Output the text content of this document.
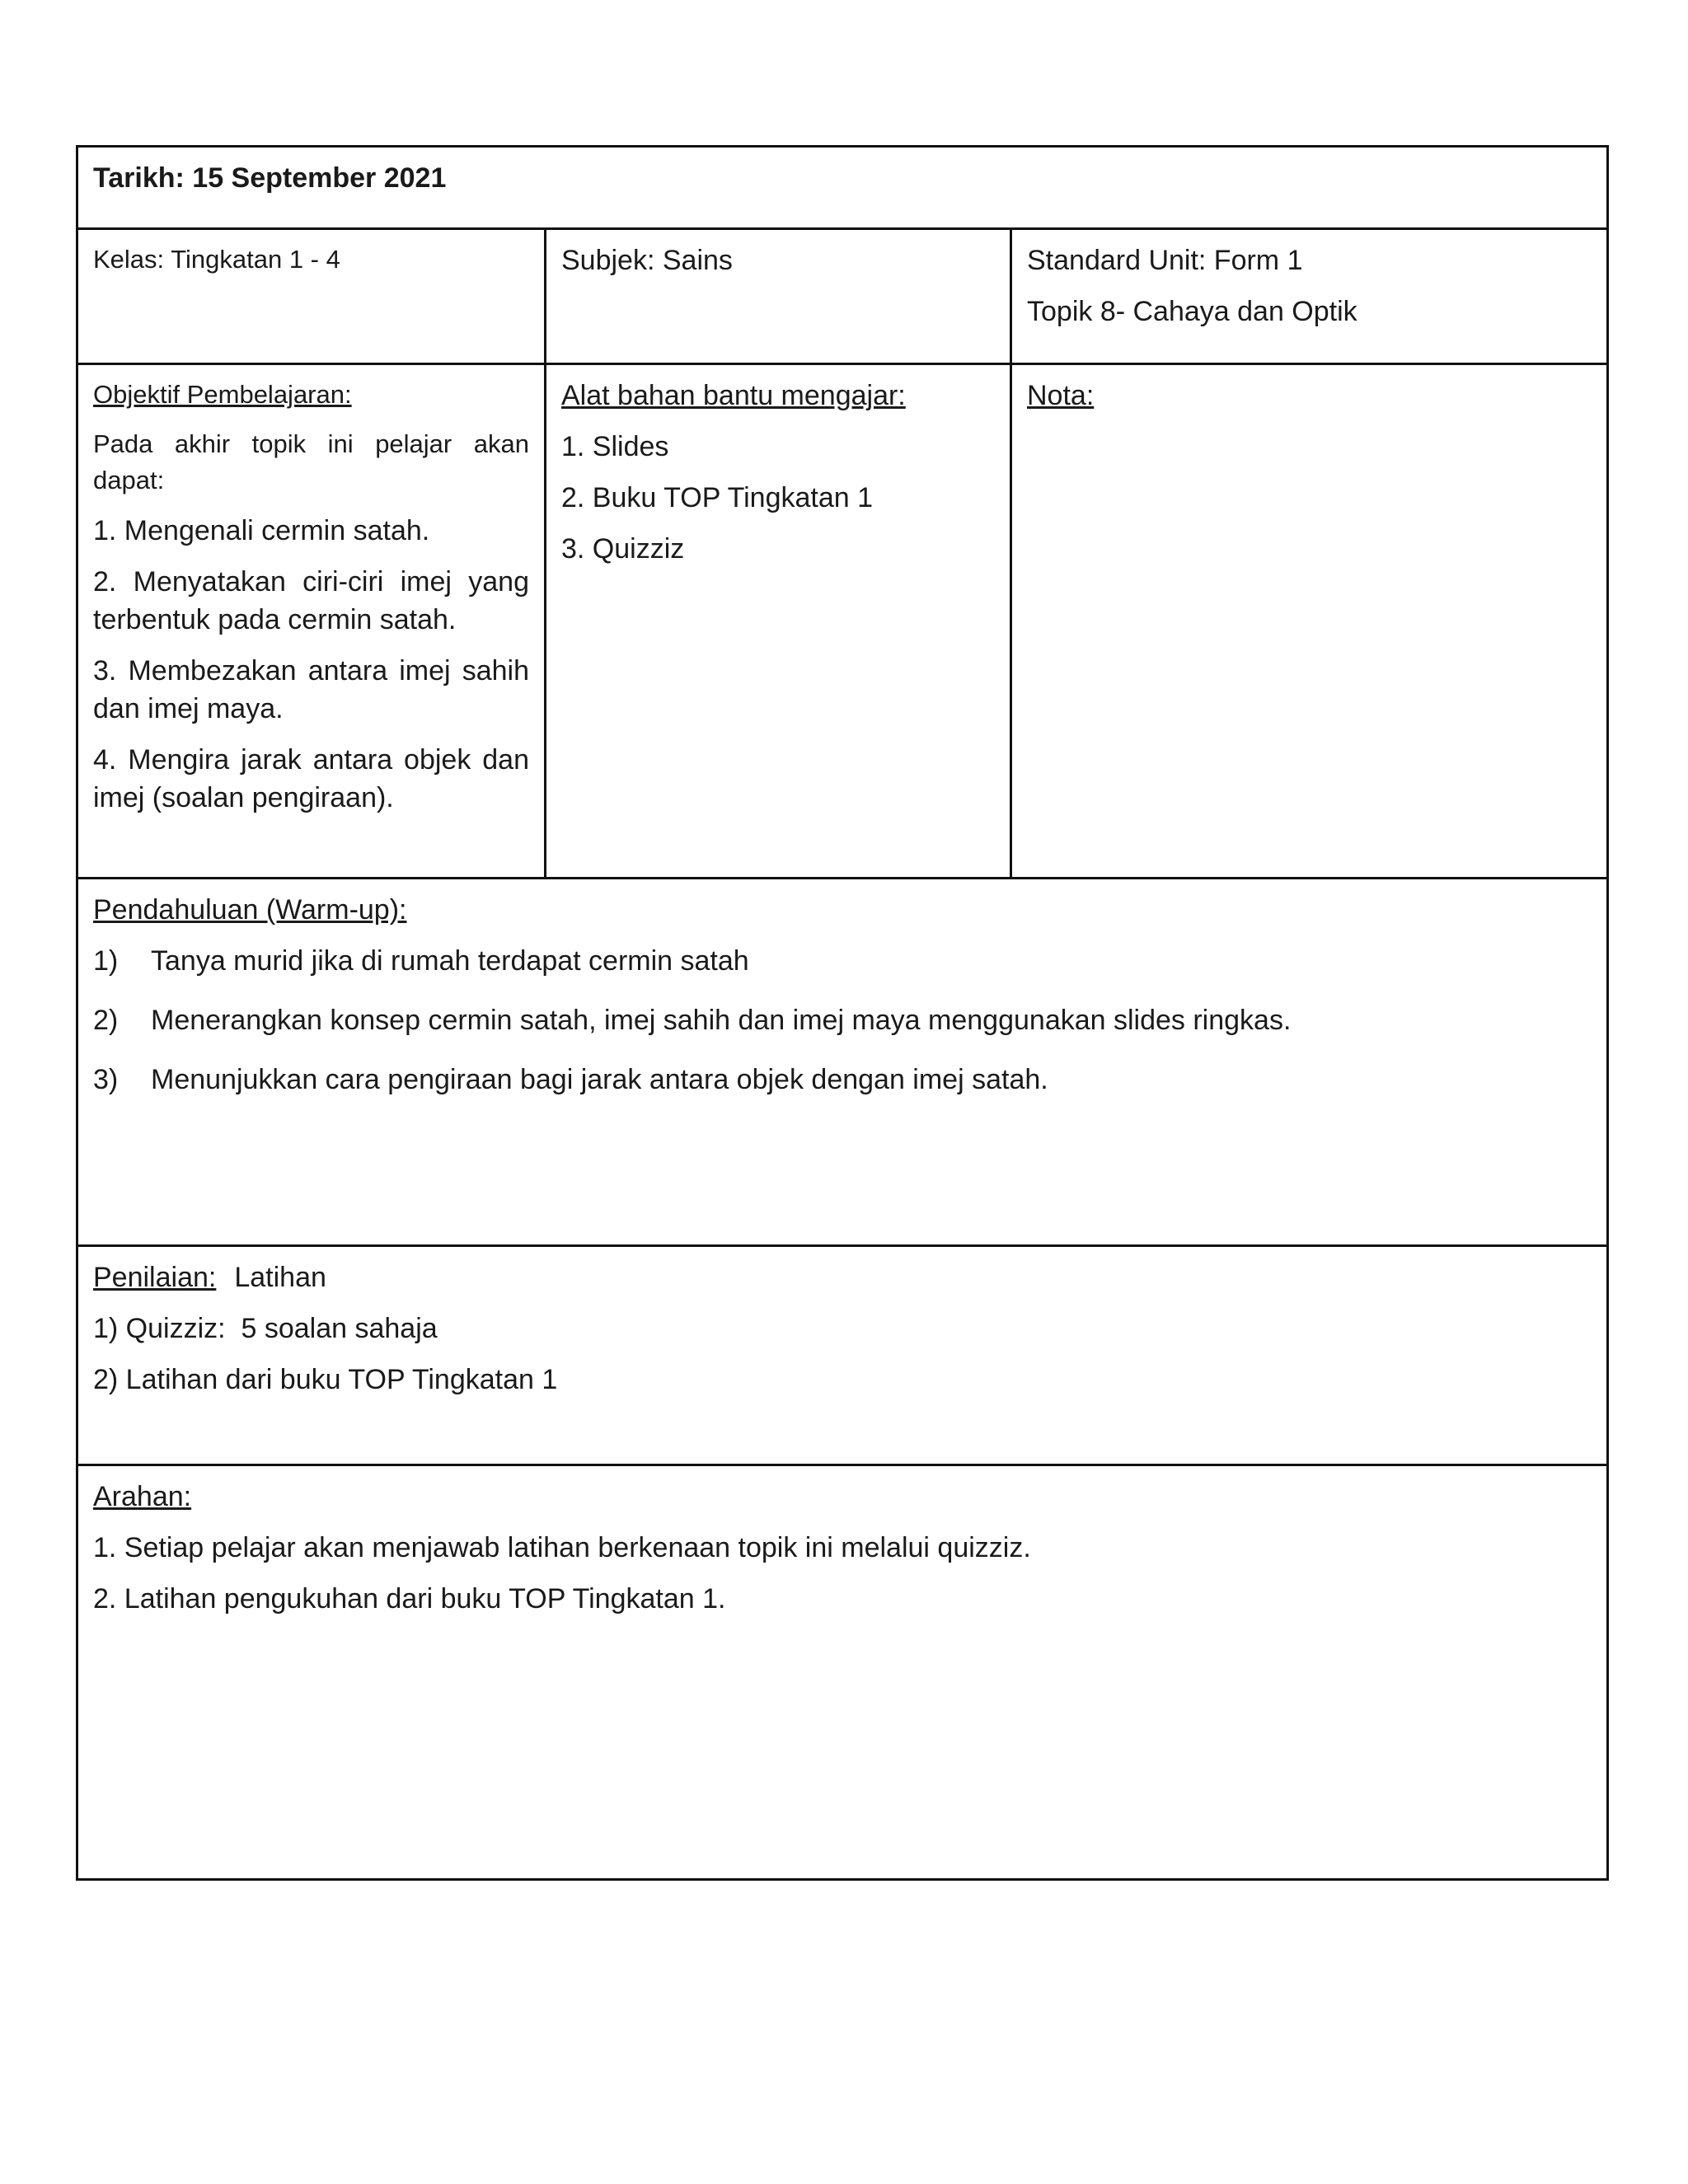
Tarikh: 15 September 2021
Kelas: Tingkatan 1 - 4	Subjek: Sains	Standard Unit: Form 1
Topik 8- Cahaya dan Optik
Objektif Pembelajaran:
Pada akhir topik ini pelajar akan dapat:
1. Mengenali cermin satah.
2. Menyatakan ciri-ciri imej yang terbentuk pada cermin satah.
3. Membezakan antara imej sahih dan imej maya.
4. Mengira jarak antara objek dan imej (soalan pengiraan).
Alat bahan bantu mengajar:
1. Slides
2. Buku TOP Tingkatan 1
3. Quizziz
Nota:
Pendahuluan (Warm-up):
1)	Tanya murid jika di rumah terdapat cermin satah
2)	Menerangkan konsep cermin satah, imej sahih dan imej maya menggunakan slides ringkas.
3)	Menunjukkan cara pengiraan bagi jarak antara objek dengan imej satah.
Penilaian: Latihan
1) Quizziz:  5 soalan sahaja
2) Latihan dari buku TOP Tingkatan 1
Arahan:
1. Setiap pelajar akan menjawab latihan berkenaan topik ini melalui quizziz.
2. Latihan pengukuhan dari buku TOP Tingkatan 1.
